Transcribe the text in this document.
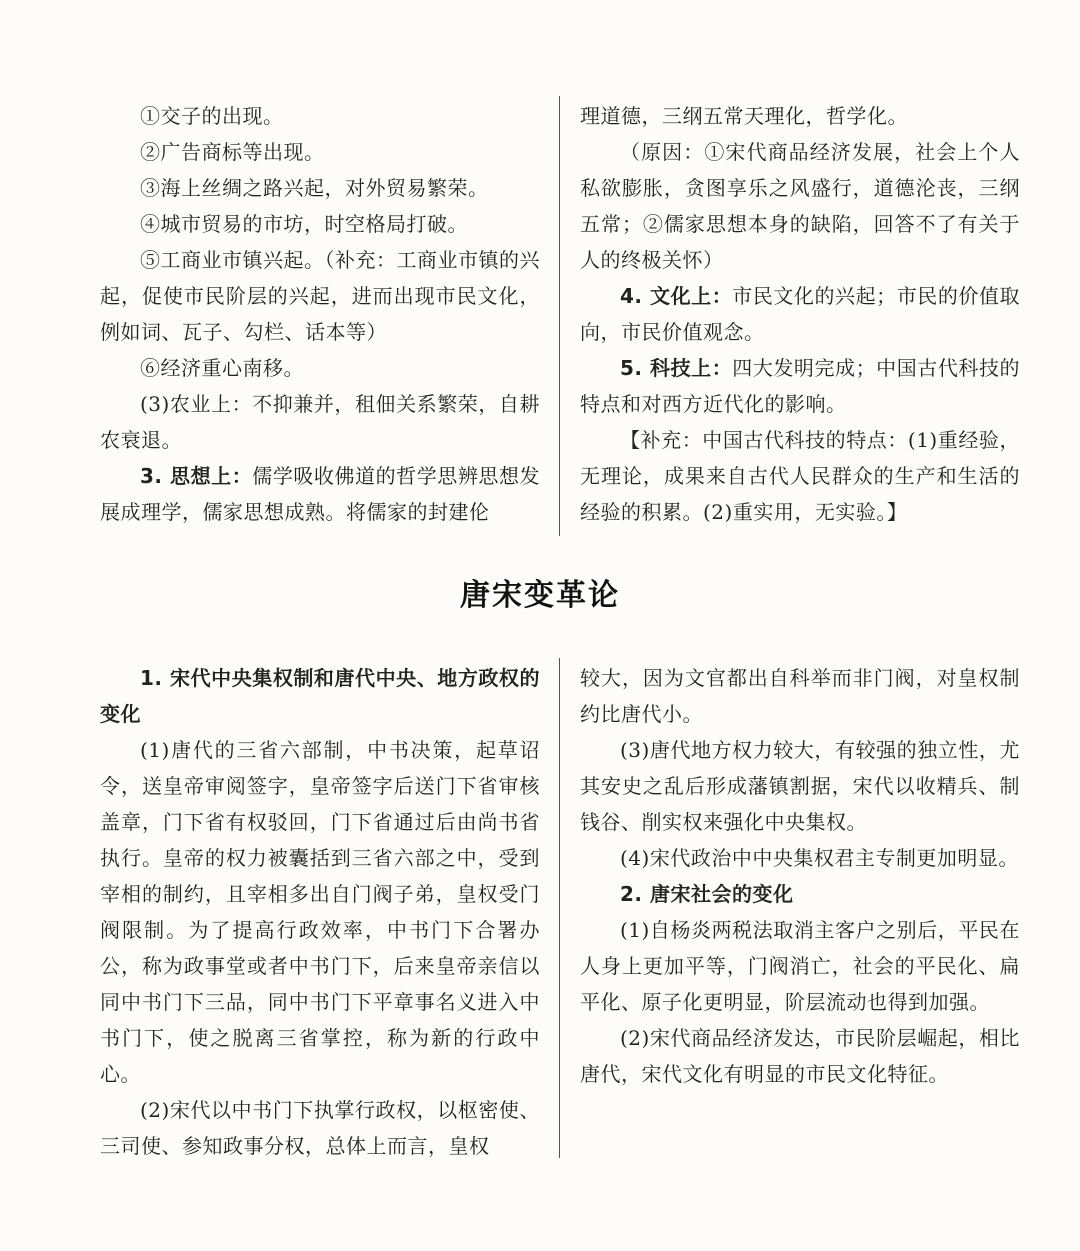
①交子的出现。

②广告商标等出现。

③海上丝绸之路兴起，对外贸易繁荣。

④城市贸易的市坊，时空格局打破。

⑤工商业市镇兴起。（补充：工商业市镇的兴起，促使市民阶层的兴起，进而出现市民文化，例如词、瓦子、勾栏、话本等）

⑥经济重心南移。

(3)农业上：不抑兼并，租佃关系繁荣，自耕农衰退。

3. 思想上：儒学吸收佛道的哲学思辨思想发展成理学，儒家思想成熟。将儒家的封建伦

理道德，三纲五常天理化，哲学化。

（原因：①宋代商品经济发展，社会上个人私欲膨胀，贪图享乐之风盛行，道德沦丧，三纲五常；②儒家思想本身的缺陷，回答不了有关于人的终极关怀）

4. 文化上：市民文化的兴起；市民的价值取向，市民价值观念。

5. 科技上：四大发明完成；中国古代科技的特点和对西方近代化的影响。

【补充：中国古代科技的特点：(1)重经验，无理论，成果来自古代人民群众的生产和生活的经验的积累。(2)重实用，无实验。】

唐宋变革论

1. 宋代中央集权制和唐代中央、地方政权的变化

(1)唐代的三省六部制，中书决策，起草诏令，送皇帝审阅签字，皇帝签字后送门下省审核盖章，门下省有权驳回，门下省通过后由尚书省执行。皇帝的权力被囊括到三省六部之中，受到宰相的制约，且宰相多出自门阀子弟，皇权受门阀限制。为了提高行政效率，中书门下合署办公，称为政事堂或者中书门下，后来皇帝亲信以同中书门下三品，同中书门下平章事名义进入中书门下，使之脱离三省掌控，称为新的行政中心。

(2)宋代以中书门下执掌行政权，以枢密使、三司使、参知政事分权，总体上而言，皇权

较大，因为文官都出自科举而非门阀，对皇权制约比唐代小。

(3)唐代地方权力较大，有较强的独立性，尤其安史之乱后形成藩镇割据，宋代以收精兵、制钱谷、削实权来强化中央集权。

(4)宋代政治中中央集权君主专制更加明显。

2. 唐宋社会的变化

(1)自杨炎两税法取消主客户之别后，平民在人身上更加平等，门阀消亡，社会的平民化、扁平化、原子化更明显，阶层流动也得到加强。

(2)宋代商品经济发达，市民阶层崛起，相比唐代，宋代文化有明显的市民文化特征。
